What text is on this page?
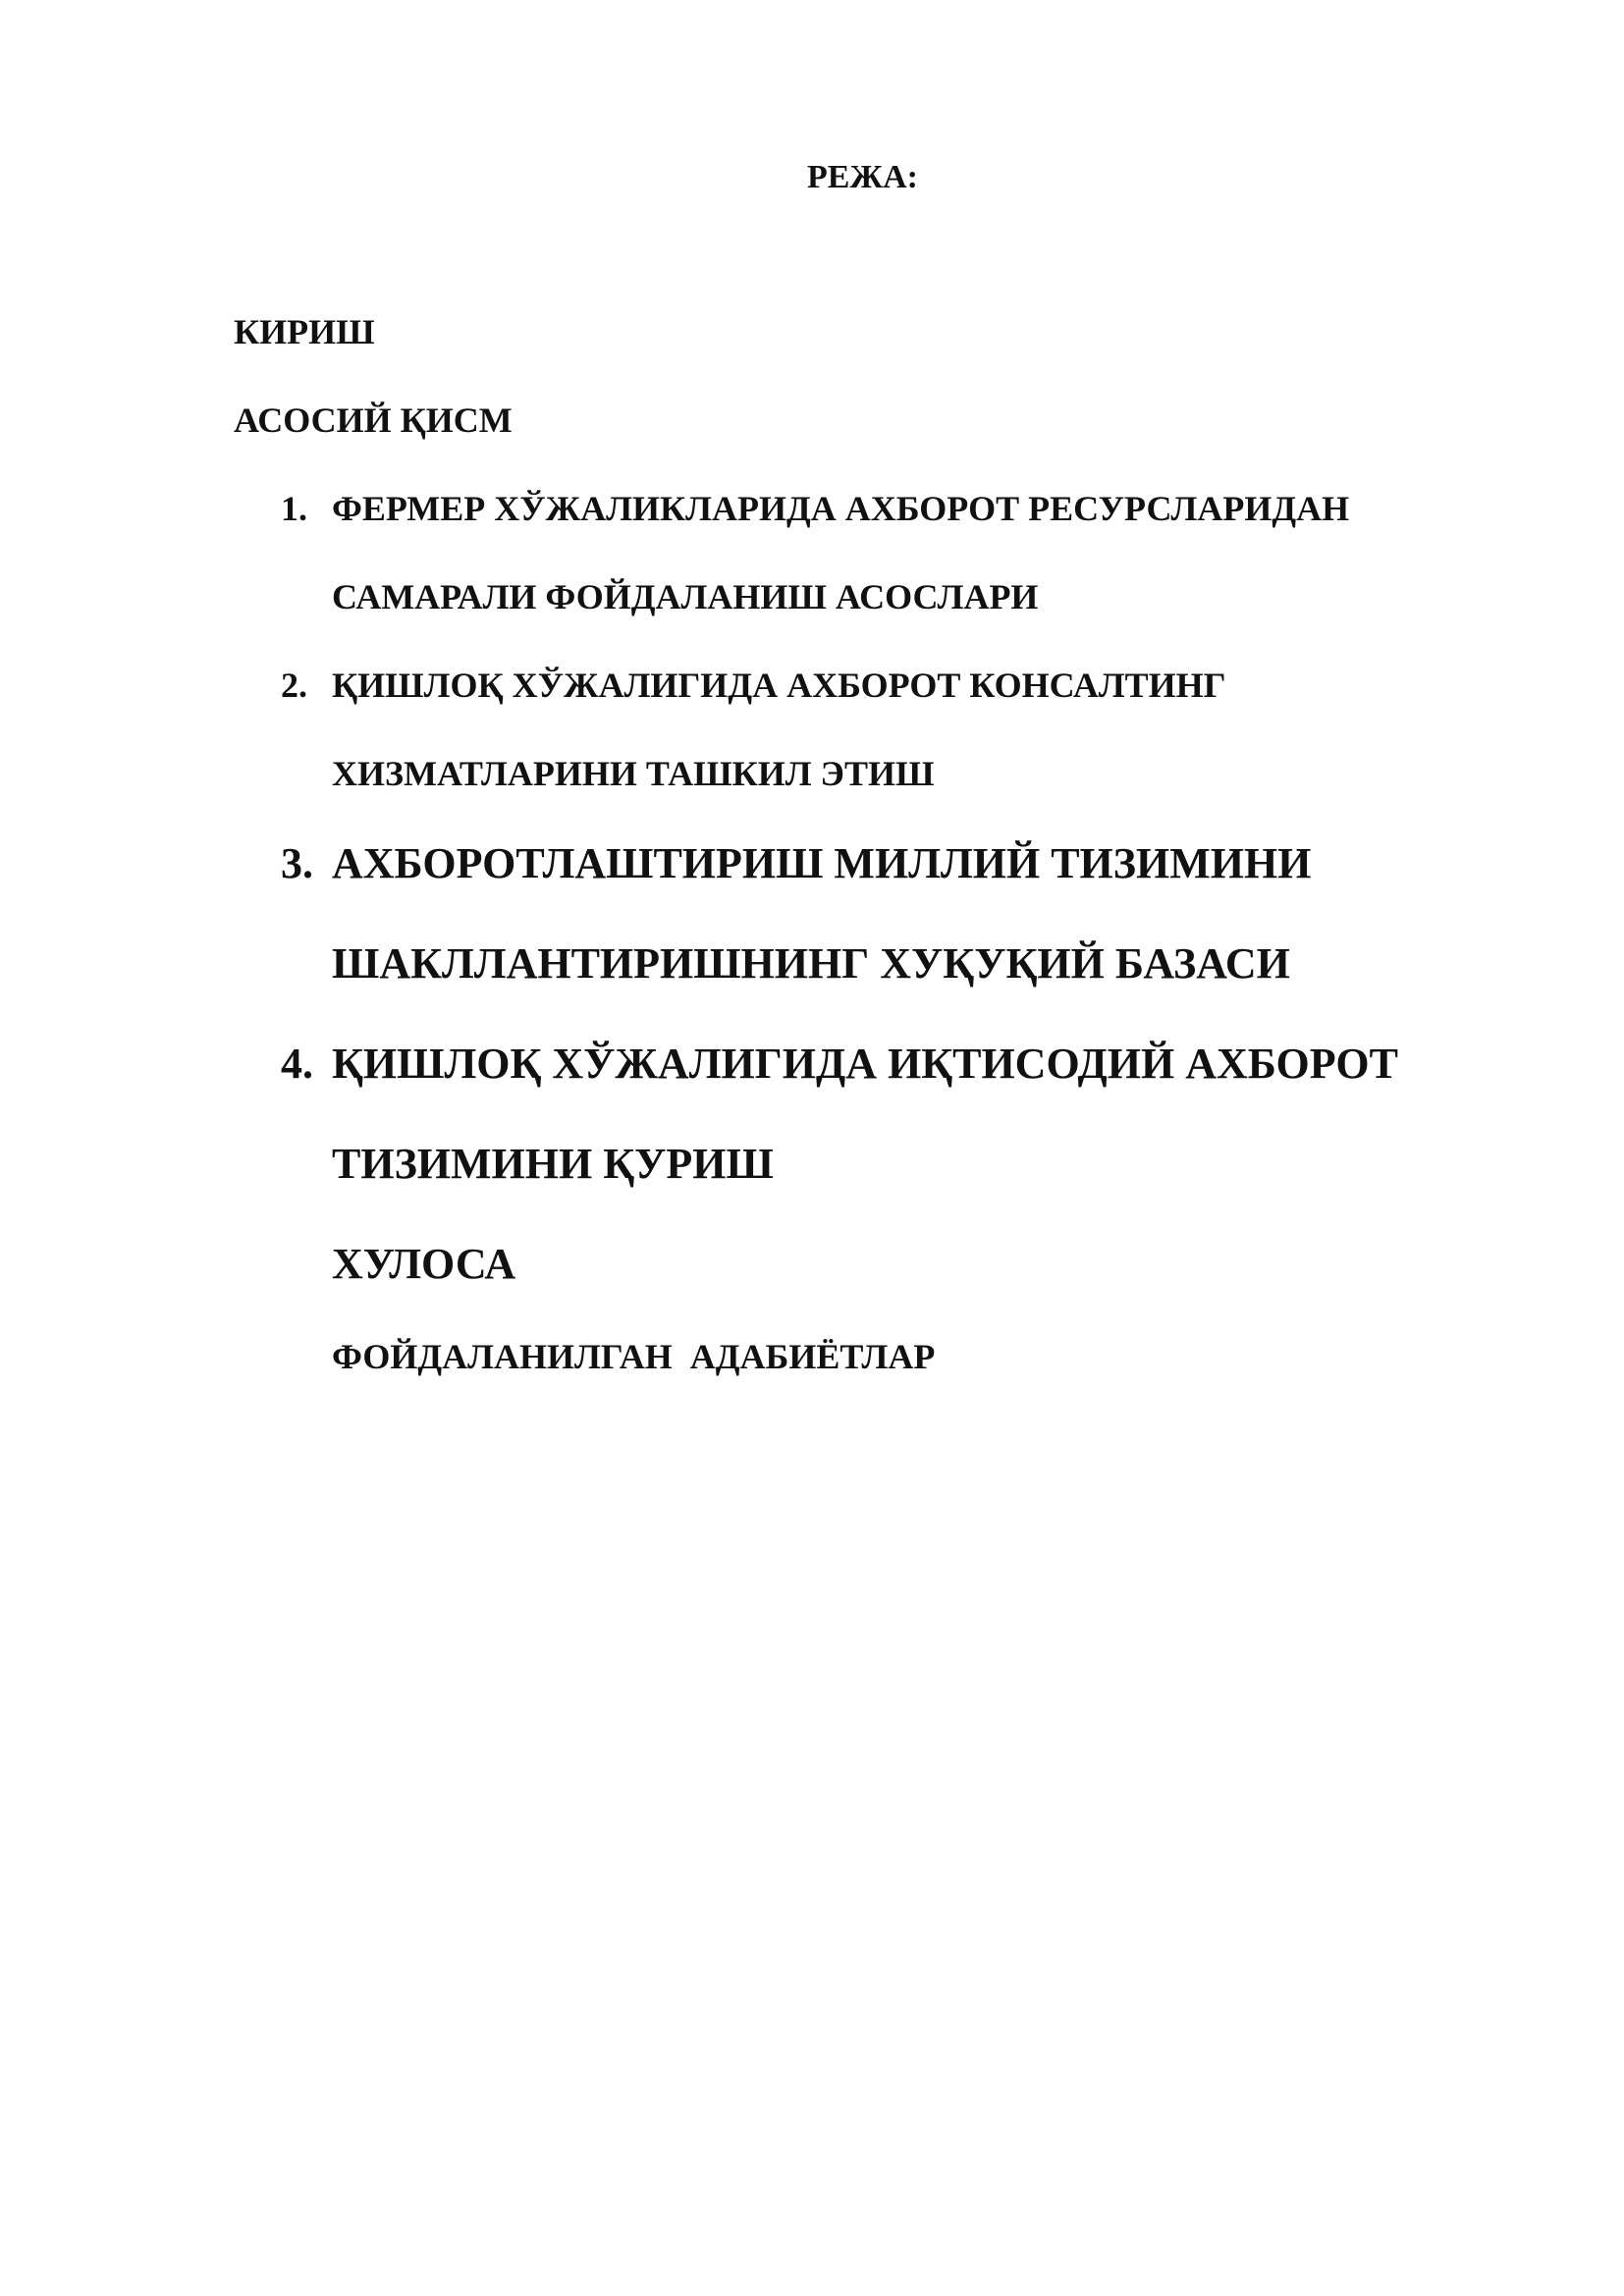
РЕЖА:
КИРИШ
АСОСИЙ ҚИСМ
1. ФЕРМЕР ХЎЖАЛИКЛАРИДА АХБОРОТ РЕСУРСЛАРИДАН
САМАРАЛИ ФОЙДАЛАНИШ АСОСЛАРИ
2. ҚИШЛОҚ ХЎЖАЛИГИДА АХБОРОТ КОНСАЛТИНГ
ХИЗМАТЛАРИНИ ТАШКИЛ ЭТИШ
3. АХБОРОТЛАШТИРИШ МИЛЛИЙ ТИЗИМИНИ
ШАКЛЛАНТИРИШНИНГ ХУҚУҚИЙ БАЗАСИ
4. ҚИШЛОҚ ХЎЖАЛИГИДА ИҚТИСОДИЙ АХБОРОТ
ТИЗИМИНИ ҚУРИШ
ХУЛОСА
ФОЙДАЛАНИЛГАН  АДАБИЁТЛАР
